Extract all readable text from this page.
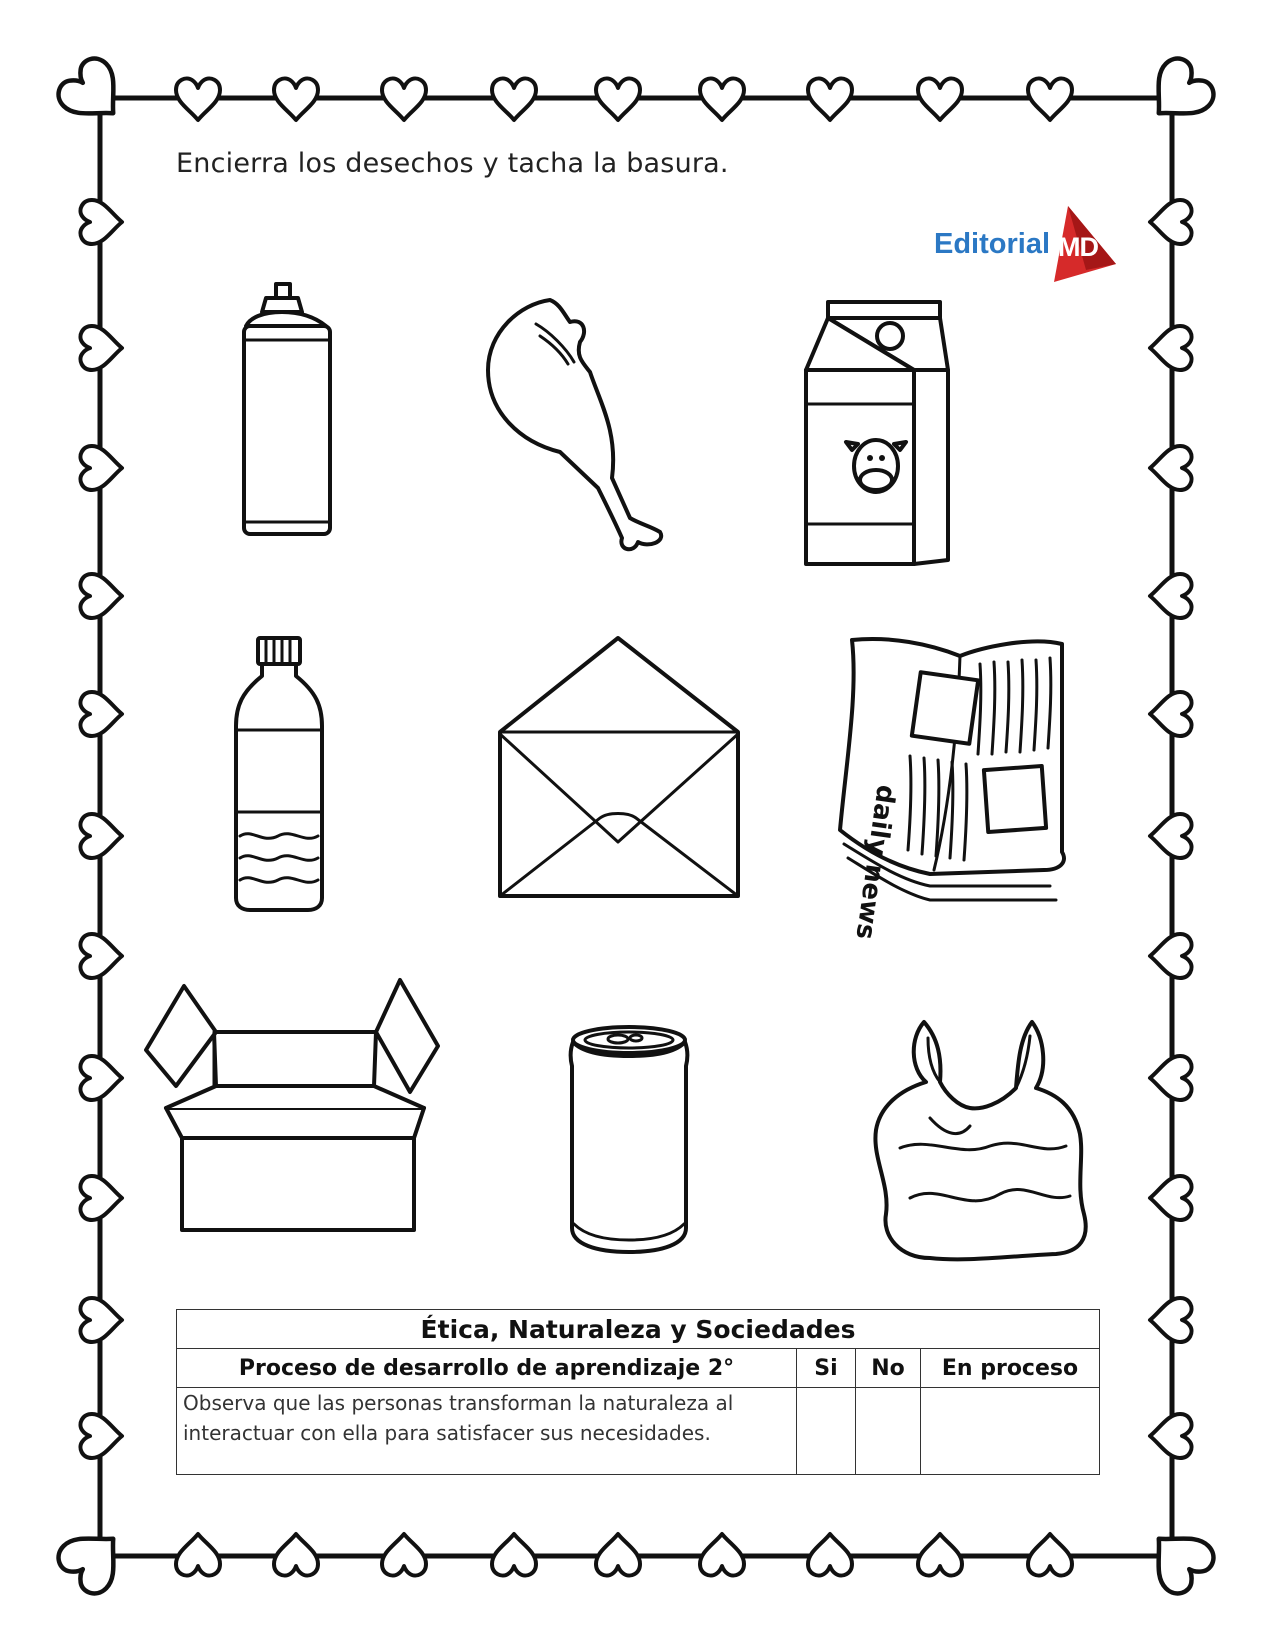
Encierra los desechos y tacha la basura.
Editorial MD
daily news
Ética, Naturaleza y Sociedades			
Proceso de desarrollo de aprendizaje 2°	Si	No	En proceso
Observa que las personas transforman la naturaleza al interactuar con ella para satisfacer sus necesidades.			
